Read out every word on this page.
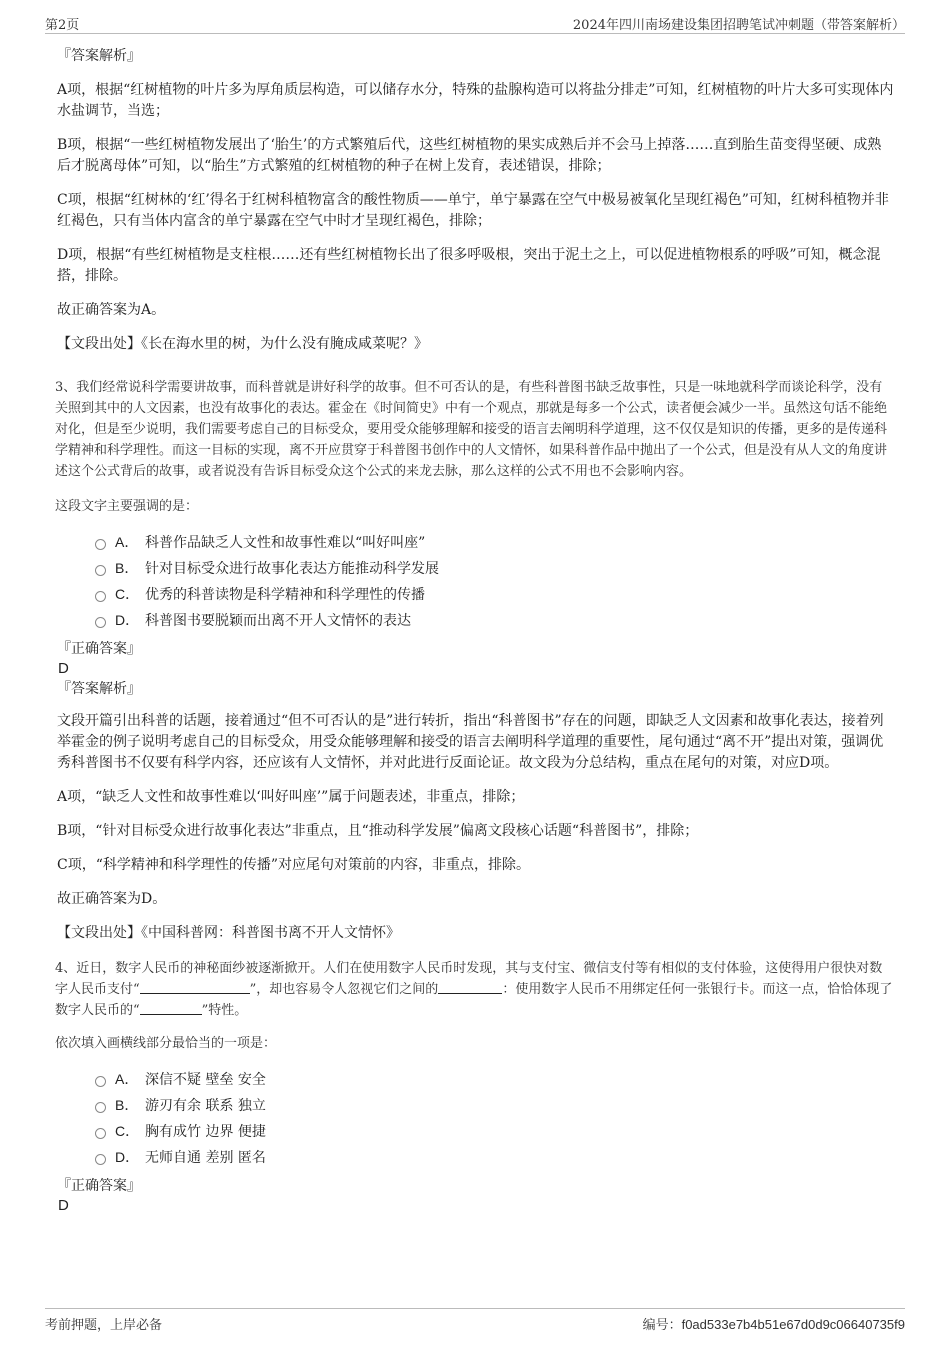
第2页	2024年四川南场建设集团招聘笔试冲刺题（带答案解析）
『答案解析』

A项，根据“红树植物的叶片多为厚角质层构造，可以储存水分，特殊的盐腺构造可以将盐分排走”可知，红树植物的叶片大多可实现体内水盐调节，当选；

B项，根据“一些红树植物发展出了‘胎生’的方式繁殖后代，这些红树植物的果实成熟后并不会马上掉落……直到胎生苗变得坚硬、成熟后才脱离母体”可知，以“胎生”方式繁殖的红树植物的种子在树上发育，表述错误，排除；

C项，根据“红树林的‘红’得名于红树科植物富含的酸性物质——单宁，单宁暴露在空气中极易被氧化呈现红褐色”可知，红树科植物并非红褐色，只有当体内富含的单宁暴露在空气中时才呈现红褐色，排除；

D项，根据“有些红树植物是支柱根……还有些红树植物长出了很多呼吸根，突出于泥土之上，可以促进植物根系的呼吸”可知，概念混搭，排除。

故正确答案为A。

【文段出处】《长在海水里的树，为什么没有腌成咸菜呢？》

3、我们经常说科学需要讲故事，而科普就是讲好科学的故事。但不可否认的是，有些科普图书缺乏故事性，只是一味地就科学而谈论科学，没有关照到其中的人文因素，也没有故事化的表达。霍金在《时间简史》中有一个观点，那就是每多一个公式，读者便会减少一半。虽然这句话不能绝对化，但是至少说明，我们需要考虑自己的目标受众，要用受众能够理解和接受的语言去阐明科学道理，这不仅仅是知识的传播，更多的是传递科学精神和科学理性。而这一目标的实现，离不开应贯穿于科普图书创作中的人文情怀，如果科普作品中抛出了一个公式，但是没有从人文的角度讲述这个公式背后的故事，或者说没有告诉目标受众这个公式的来龙去脉，那么这样的公式不用也不会影响内容。

这段文字主要强调的是：

A． 科普作品缺乏人文性和故事性难以“叫好叫座”
B． 针对目标受众进行故事化表达方能推动科学发展
C． 优秀的科普读物是科学精神和科学理性的传播
D． 科普图书要脱颖而出离不开人文情怀的表达
『正确答案』
D
『答案解析』

文段开篇引出科普的话题，接着通过“但不可否认的是”进行转折，指出“科普图书”存在的问题，即缺乏人文因素和故事化表达，接着列举霍金的例子说明考虑自己的目标受众，用受众能够理解和接受的语言去阐明科学道理的重要性，尾句通过“离不开”提出对策，强调优秀科普图书不仅要有科学内容，还应该有人文情怀，并对此进行反面论证。故文段为分总结构，重点在尾句的对策，对应D项。

A项，“缺乏人文性和故事性难以‘叫好叫座’”属于问题表述，非重点，排除；

B项，“针对目标受众进行故事化表达”非重点，且“推动科学发展”偏离文段核心话题“科普图书”，排除；

C项，“科学精神和科学理性的传播”对应尾句对策前的内容，非重点，排除。

故正确答案为D。

【文段出处】《中国科普网：科普图书离不开人文情怀》

4、近日，数字人民币的神秘面纱被逐渐掀开。人们在使用数字人民币时发现，其与支付宝、微信支付等有相似的支付体验，这使得用户很快对数字人民币支付“	”，却也容易令人忽视它们之间的	：使用数字人民币不用绑定任何一张银行卡。而这一点，恰恰体现了数字人民币的“	”特性。

依次填入画横线部分最恰当的一项是：

A． 深信不疑 壁垒 安全
B． 游刃有余 联系 独立
C． 胸有成竹 边界 便捷
D． 无师自通 差别 匿名
『正确答案』
D
考前押题，上岸必备	编号：f0ad533e7b4b51e67d0d9c06640735f9
